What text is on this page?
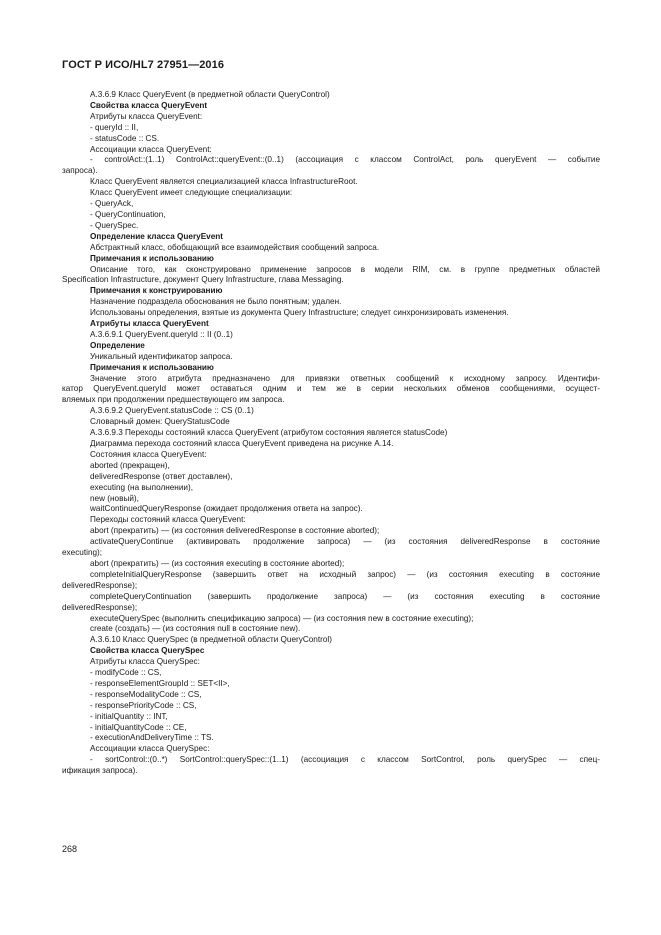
ГОСТ Р ИСО/HL7 27951—2016
А.3.6.9 Класс QueryEvent (в предметной области QueryControl)
Свойства класса QueryEvent
Атрибуты класса QueryEvent:
- queryId :: II,
- statusCode :: CS.
Ассоциации класса QueryEvent:
- controlAct::(1..1) ControlAct::queryEvent::(0..1) (ассоциация с классом ControlAct, роль queryEvent — событие
запроса).
Класс QueryEvent является специализацией класса InfrastructureRoot.
Класс QueryEvent имеет следующие специализации:
- QueryAck,
- QueryContinuation,
- QuerySpec.
Определение класса QueryEvent
Абстрактный класс, обобщающий все взаимодействия сообщений запроса.
Примечания к использованию
Описание того, как сконструировано применение запросов в модели RIM, см. в группе предметных областей
Specification Infrastructure, документ Query Infrastructure, глава Messaging.
Примечания к конструированию
Назначение подраздела обоснования не было понятным; удален.
Использованы определения, взятые из документа Query Infrastructure; следует синхронизировать изменения.
Атрибуты класса QueryEvent
А.3.6.9.1 QueryEvent.queryId :: II (0..1)
Определение
Уникальный идентификатор запроса.
Примечания к использованию
Значение этого атрибута предназначено для привязки ответных сообщений к исходному запросу. Идентифи-
катор QueryEvent.queryId может оставаться одним и тем же в серии нескольких обменов сообщениями, осущест-
вляемых при продолжении предшествующего им запроса.
А.3.6.9.2 QueryEvent.statusCode :: CS (0..1)
Словарный домен: QueryStatusCode
А.3.6.9.3 Переходы состояний класса QueryEvent (атрибутом состояния является statusCode)
Диаграмма перехода состояний класса QueryEvent приведена на рисунке А.14.
Состояния класса QueryEvent:
aborted (прекращен),
deliveredResponse (ответ доставлен),
executing (на выполнении),
new (новый),
waitContinuedQueryResponse (ожидает продолжения ответа на запрос).
Переходы состояний класса QueryEvent:
abort (прекратить) — (из состояния deliveredResponse в состояние aborted);
activateQueryContinue (активировать продолжение запроса) — (из состояния deliveredResponse в состояние
executing);
abort (прекратить) — (из состояния executing в состояние aborted);
completeInitialQueryResponse (завершить ответ на исходный запрос) — (из состояния executing в состояние
deliveredResponse);
completeQueryContinuation (завершить продолжение запроса) — (из состояния executing в состояние
deliveredResponse);
executeQuerySpec (выполнить спецификацию запроса) — (из состояния new в состояние executing);
create (создать) — (из состояния null в состояние new).
А.3.6.10 Класс QuerySpec (в предметной области QueryControl)
Свойства класса QuerySpec
Атрибуты класса QuerySpec:
- modifyCode :: CS,
- responseElementGroupId :: SET<II>,
- responseModalityCode :: CS,
- responsePriorityCode :: CS,
- initialQuantity :: INT,
- initialQuantityCode :: CE,
- executionAndDeliveryTime :: TS.
Ассоциации класса QuerySpec:
- sortControl::(0..*) SortControl::querySpec::(1..1) (ассоциация с классом SortControl, роль querySpec — спец-
ификация запроса).
268
